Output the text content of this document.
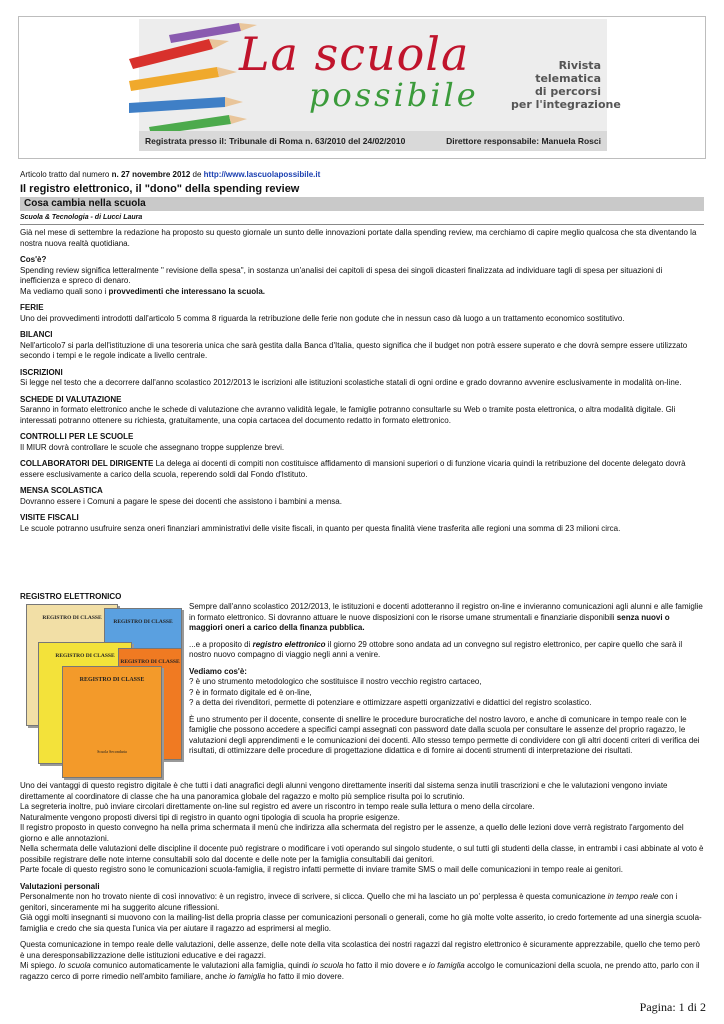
La scuola
possibile
Rivista
telematica
di percorsi
per l'integrazione
Registrata presso il: Tribunale di Roma n. 63/2010 del 24/02/2010	Direttore responsabile: Manuela Rosci
Articolo tratto dal numero n. 27 novembre 2012 de http://www.lascuolapossibile.it
Il registro elettronico, il "dono" della spending review
Cosa cambia nella scuola
Scuola & Tecnologia - di Lucci Laura
Già nel mese di settembre la redazione ha proposto su questo giornale un sunto delle innovazioni portate dalla spending review, ma cerchiamo di capire meglio qualcosa che sta diventando la nostra nuova realtà quotidiana.
Cos'è?
Spending review significa letteralmente " revisione della spesa", in sostanza un'analisi dei capitoli di spesa dei singoli dicasteri finalizzata ad individuare tagli di spesa per situazioni di inefficienza e spreco di denaro.
Ma vediamo quali sono i provvedimenti che interessano la scuola.
FERIE
Uno dei provvedimenti introdotti dall'articolo 5 comma 8 riguarda la retribuzione delle ferie non godute che in nessun caso dà luogo a un trattamento economico sostitutivo.
BILANCI
Nell'articolo7 si parla dell'istituzione di una tesoreria unica che sarà gestita dalla Banca d'Italia, questo significa che il budget non potrà essere superato e che dovrà sempre essere utilizzato secondo i tempi e le regole indicate a livello centrale.
ISCRIZIONI
Si legge nel testo che a decorrere dall'anno scolastico 2012/2013 le iscrizioni alle istituzioni scolastiche statali di ogni ordine e grado dovranno avvenire esclusivamente in modalità on-line.
SCHEDE DI VALUTAZIONE
Saranno in formato elettronico anche le schede di valutazione che avranno validità legale, le famiglie potranno consultarle su Web o tramite posta elettronica, o altra modalità digitale. Gli interessati potranno ottenere su richiesta, gratuitamente, una copia cartacea del documento redatto in formato elettronico.
CONTROLLI PER LE SCUOLE
Il MIUR dovrà controllare le scuole che assegnano troppe supplenze brevi.
COLLABORATORI DEL DIRIGENTE La delega ai docenti di compiti non costituisce affidamento di mansioni superiori o di funzione vicaria quindi la retribuzione del docente delegato dovrà essere esclusivamente a carico della scuola, reperendo soldi dal Fondo d'Istituto.
MENSA SCOLASTICA
Dovranno essere i Comuni a pagare le spese dei docenti che assistono i bambini a mensa.
VISITE FISCALI
Le scuole potranno usufruire senza oneri finanziari amministrativi delle visite fiscali, in quanto per questa finalità viene trasferita alle regioni una somma di 23 milioni circa.
REGISTRO ELETTRONICO
REGISTRO DI CLASSE
REGISTRO DI CLASSE
REGISTRO DI CLASSE
REGISTRO DI CLASSE
REGISTRO DI CLASSE
Scuola Secondaria
Sempre dall'anno scolastico 2012/2013, le istituzioni e docenti adotteranno il registro on-line e invieranno comunicazioni agli alunni e alle famiglie in formato elettronico. Si dovranno attuare le nuove disposizioni con le risorse umane strumentali e finanziarie disponibili senza nuovi o maggiori oneri a carico della finanza pubblica.
...e a proposito di registro elettronico il giorno 29 ottobre sono andata ad un convegno sul registro elettronico, per capire quello che sarà il nostro nuovo compagno di viaggio negli anni a venire.
Vediamo cos'è:
? è uno strumento metodologico che sostituisce il nostro vecchio registro cartaceo,
? è in formato digitale ed è on-line,
? a detta dei rivenditori, permette di potenziare e ottimizzare aspetti organizzativi e didattici del registro scolastico.
È uno strumento per il docente, consente di snellire le procedure burocratiche del nostro lavoro, e anche di comunicare in tempo reale con le famiglie che possono accedere a specifici campi assegnati con password date dalla scuola per consultare le assenze del proprio ragazzo, le valutazioni degli apprendimenti e le comunicazioni dei docenti. Allo stesso tempo permette di condividere con gli altri docenti criteri di verifica dei risultati, di ottimizzare delle procedure di progettazione didattica e di fornire ai docenti strumenti di interpretazione dei risultati.
Uno dei vantaggi di questo registro digitale è che tutti i dati anagrafici degli alunni vengono direttamente inseriti dal sistema senza inutili trascrizioni e che le valutazioni vengono inviate direttamente al coordinatore di classe che ha una panoramica globale del ragazzo e molto più semplice risulta poi lo scrutinio.
La segreteria inoltre, può inviare circolari direttamente on-line sul registro ed avere un riscontro in tempo reale sulla lettura o meno della circolare.
Naturalmente vengono proposti diversi tipi di registro in quanto ogni tipologia di scuola ha proprie esigenze.
Il registro proposto in questo convegno ha nella prima schermata il menù che indirizza alla schermata del registro per le assenze, a quello delle lezioni dove verrà registrato l'argomento del giorno e alle annotazioni.
Nella schermata delle valutazioni delle discipline il docente può registrare o modificare i voti operando sul singolo studente, o sul tutti gli studenti della classe, in entrambi i casi abbinate al voto è possibile registrare delle note interne consultabili solo dal docente e delle note per la famiglia consultabili dai genitori.
Parte focale di questo registro sono le comunicazioni scuola-famiglia, il registro infatti permette di inviare tramite SMS o mail delle comunicazioni in tempo reale ai genitori.
Valutazioni personali
Personalmente non ho trovato niente di così innovativo: è un registro, invece di scrivere, si clicca. Quello che mi ha lasciato un po' perplessa è questa comunicazione in tempo reale con i genitori, sinceramente mi ha suggerito alcune riflessioni.
Già oggi molti insegnanti si muovono con la mailing-list della propria classe per comunicazioni personali o generali, come ho già molte volte asserito, io credo fortemente ad una sinergia scuola-famiglia e credo che sia questa l'unica via per aiutare il ragazzo ad esprimersi al meglio.
Questa comunicazione in tempo reale delle valutazioni, delle assenze, delle note della vita scolastica dei nostri ragazzi dal registro elettronico è sicuramente apprezzabile, quello che temo però è una deresponsabilizzazione delle istituzioni educative e dei ragazzi.
Mi spiego. Io scuola comunico automaticamente le valutazioni alla famiglia, quindi io scuola ho fatto il mio dovere e io famiglia accolgo le comunicazioni della scuola, ne prendo atto, parlo con il ragazzo cerco di porre rimedio nell'ambito familiare, anche io famiglia ho fatto il mio dovere.
Pagina: 1 di 2
